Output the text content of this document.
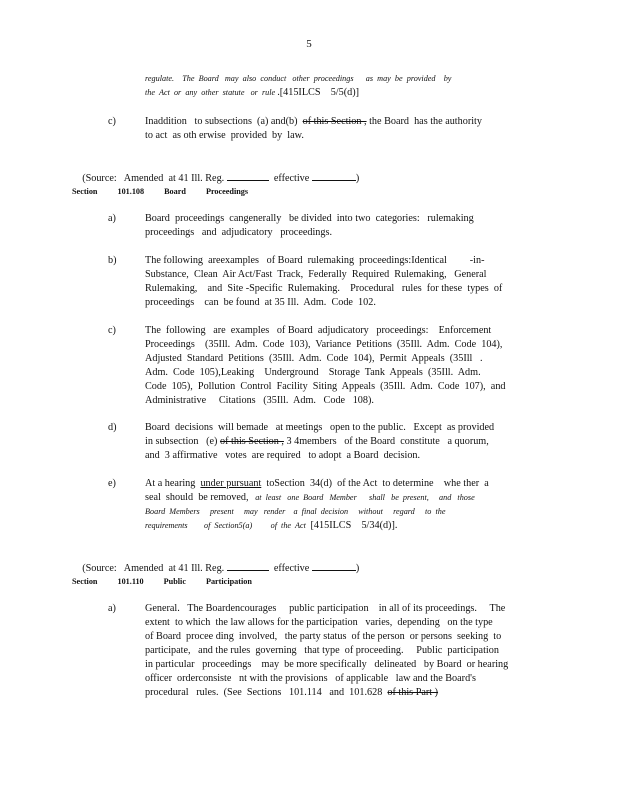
5
regulate.    The  Board   may  also  conduct   other  proceedings      as  may  be  provided    by
the  Act  or  any  other  statute   or  rule .[415ILCS    5/5(d)]
c)	Inaddition   to subsections  (a) and(b)  of this Section , the Board  has the authority
to act  as oth erwise  provided  by  law.

(Source:   Amended  at 41 Ill. Reg.	effective	)

Section 101.108 Board Proceedings
a)	Board  proceedings  cangenerally   be divided  into two  categories:   rulemaking
proceedings   and  adjudicatory   proceedings.
b)	The following  areexamples   of Board  rulemaking  proceedings:Identical         -in-
Substance,  Clean  Air Act/Fast  Track,  Federally  Required  Rulemaking,   General
Rulemaking,    and  Site -Specific  Rulemaking.    Procedural   rules  for these  types  of
proceedings    can  be found  at 35 Ill.  Adm.  Code  102.
c)	The  following   are  examples   of Board  adjudicatory   proceedings:    Enforcement
Proceedings    (35Ill.  Adm.  Code  103),  Variance  Petitions  (35Ill.  Adm.  Code  104),
Adjusted  Standard  Petitions  (35Ill.  Adm.  Code  104),  Permit  Appeals  (35Ill   .
Adm.  Code  105),Leaking    Underground    Storage  Tank  Appeals  (35Ill.  Adm.
Code  105),  Pollution  Control  Facility  Siting  Appeals  (35Ill.  Adm.  Code  107),  and
Administrative     Citations   (35Ill.  Adm.   Code   108).
d)	Board  decisions  will bemade   at meetings   open to the public.   Except  as provided
in subsection   (e) of this Section , 3 4members   of the Board  constitute   a quorum,
and  3 affirmative   votes  are required   to adopt  a Board  decision.
e)	At a hearing  under pursuant  toSection  34(d)  of the Act  to determine    whe ther  a
seal  should  be removed,   at  least   one  Board   Member      shall   be  present,     and   those
Board  Members     present     may   render    a  final  decision     without     regard     to  the
requirements        of  Section5(a)         of  the  Act  [415ILCS    5/34(d)].

(Source:   Amended  at 41 Ill. Reg.	effective	)

Section 101.110 Public Participation
a)	General.   The Boardencourages     public participation    in all of its proceedings.     The
extent  to which  the law allows for the participation   varies,  depending   on the type
of Board  procee ding  involved,   the party status  of the person  or persons  seeking  to
participate,   and the rules  governing   that type  of proceeding.     Public  participation
in particular   proceedings    may  be more specifically   delineated   by Board  or hearing
officer  orderconsiste   nt with the provisions   of applicable   law and the Board's
procedural   rules.  (See  Sections   101.114   and  101.628  of this Part )
